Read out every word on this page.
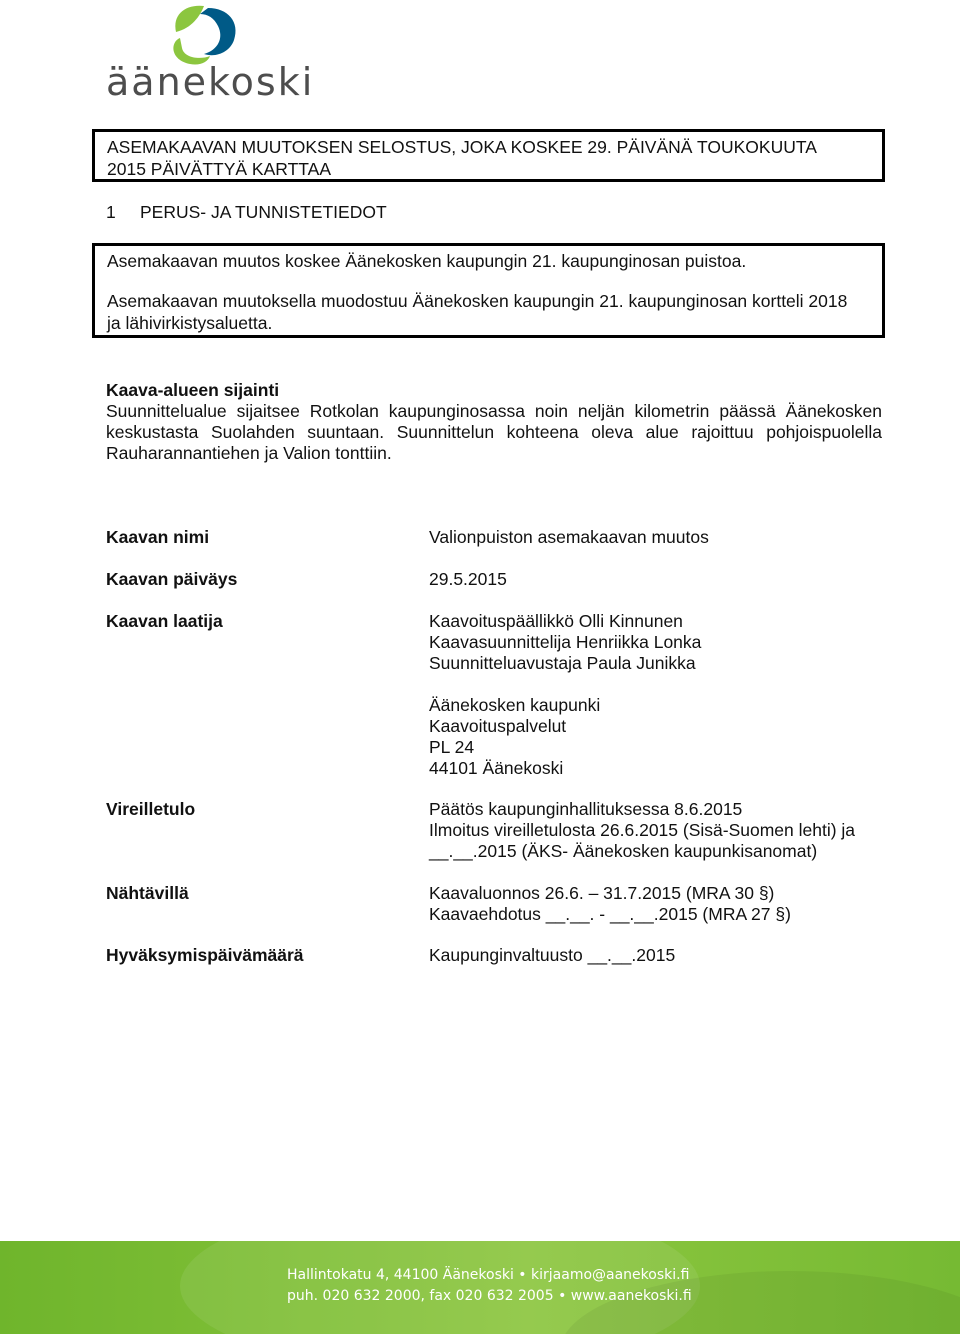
äänekoski

ASEMAKAAVAN MUUTOKSEN SELOSTUS, JOKA KOSKEE 29. PÄIVÄNÄ TOUKOKUUTA

2015 PÄIVÄTTYÄ KARTTAA

1 PERUS- JA TUNNISTETIEDOT

Asemakaavan muutos koskee Äänekosken kaupungin 21. kaupunginosan puistoa.

Asemakaavan muutoksella muodostuu Äänekosken kaupungin 21. kaupunginosan kortteli 2018

ja lähivirkistysaluetta.

Kaava-alueen sijainti

Suunnittelualue sijaitsee Rotkolan kaupunginosassa noin neljän kilometrin päässä Äänekosken keskustasta Suolahden suuntaan. Suunnittelun kohteena oleva alue rajoittuu pohjoispuolella Rauharannantiehen ja Valion tonttiin.

Kaavan nimi	Valionpuiston asemakaavan muutos
Kaavan päiväys	29.5.2015
Kaavan laatija	Kaavoituspäällikkö Olli Kinnunen
Kaavasuunnittelija Henriikka Lonka
Suunnitteluavustaja Paula Junikka
Äänekosken kaupunki
Kaavoituspalvelut
PL 24
44101 Äänekoski
Vireilletulo	Päätös kaupunginhallituksessa 8.6.2015
Ilmoitus vireilletulosta 26.6.2015 (Sisä-Suomen lehti) ja
__.__.2015 (ÄKS- Äänekosken kaupunkisanomat)
Nähtävillä	Kaavaluonnos 26.6. – 31.7.2015 (MRA 30 §)
Kaavaehdotus __.__. - __.__.2015 (MRA 27 §)
Hyväksymispäivämäärä	Kaupunginvaltuusto __.__.2015
Hallintokatu 4, 44100 Äänekoski • kirjaamo@aanekoski.fi
puh. 020 632 2000, fax 020 632 2005 • www.aanekoski.fi
